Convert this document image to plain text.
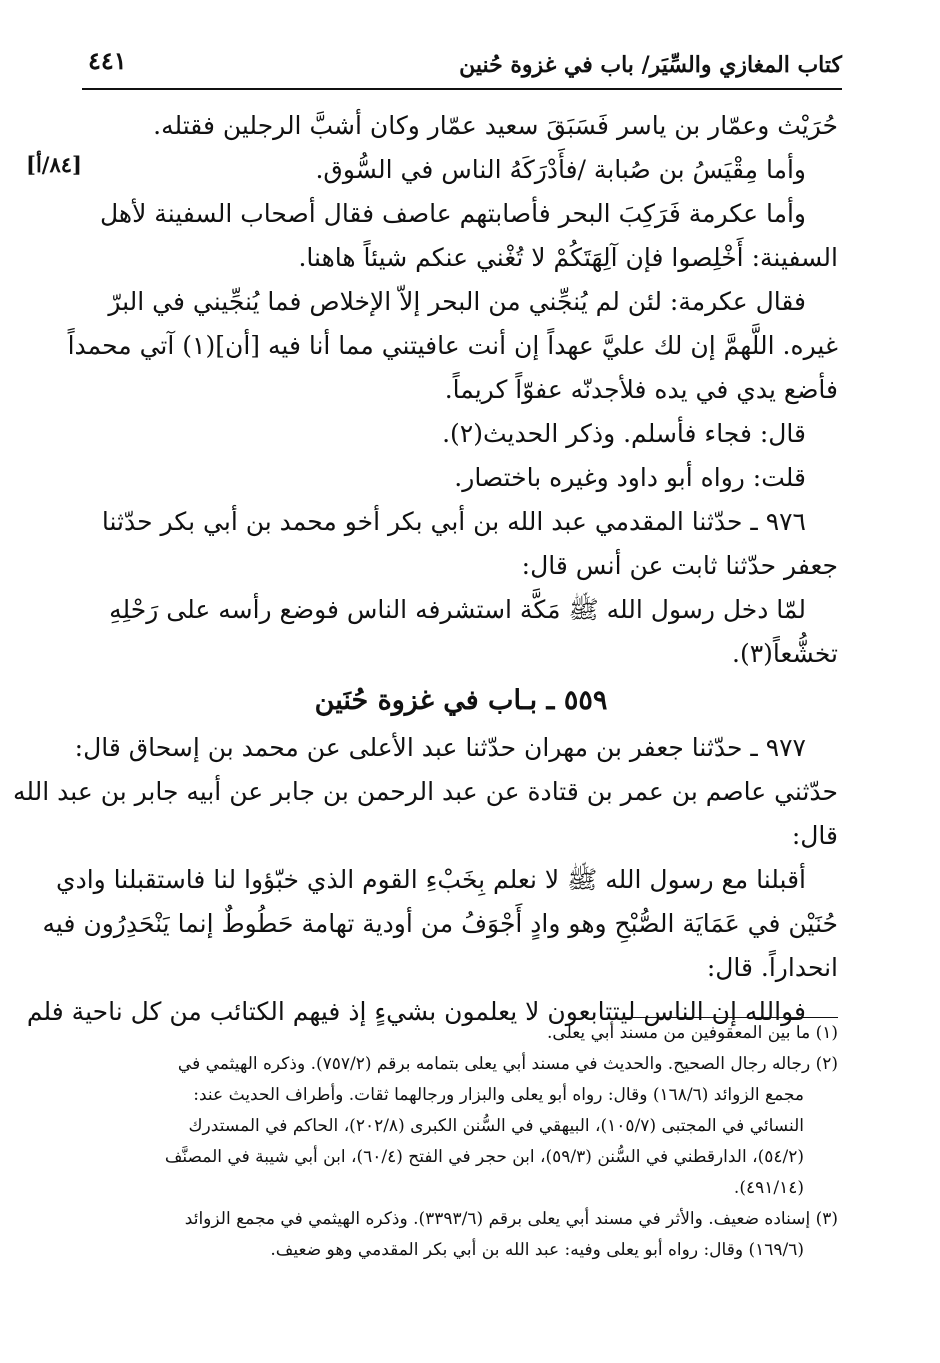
كتاب المغازي والسِّيَر/ باب في غزوة حُنين
٤٤١
[٨٤/أ]
حُرَيْث وعمّار بن ياسر فَسَبَقَ سعيد عمّار وكان أشبَّ الرجلين فقتله.
وأما مِقْيَسُ بن صُبابة /فأَدْرَكَهُ الناس في السُّوق.
وأما عكرمة فَرَكِبَ البحر فأصابتهم عاصف فقال أصحاب السفينة لأهل
السفينة: أَخْلِصوا فإن آلِهَتَكُمْ لا تُغْني عنكم شيئاً هاهنا.
فقال عكرمة: لئن لم يُنجِّني من البحر إلاّ الإخلاص فما يُنجِّيني في البرّ
غيره. اللَّهمَّ إن لك عليَّ عهداً إن أنت عافيتني مما أنا فيه [أن](١) آتي محمداً
فأضع يدي في يده فلأجدنّه عفوّاً كريماً.
قال: فجاء فأسلم. وذكر الحديث(٢).
قلت: رواه أبو داود وغيره باختصار.
٩٧٦ ـ حدّثنا المقدمي عبد الله بن أبي بكر أخو محمد بن أبي بكر حدّثنا
جعفر حدّثنا ثابت عن أنس قال:
لمّا دخل رسول الله ﷺ مَكَّة استشرفه الناس فوضع رأسه على رَحْلِهِ
تخشُّعاً(٣).
٥٥٩ ـ بـاب في غزوة حُنَين
٩٧٧ ـ حدّثنا جعفر بن مهران حدّثنا عبد الأعلى عن محمد بن إسحاق قال:
حدّثني عاصم بن عمر بن قتادة عن عبد الرحمن بن جابر عن أبيه جابر بن عبد الله
قال:
أقبلنا مع رسول الله ﷺ لا نعلم بِخَبْءِ القوم الذي خبّؤوا لنا فاستقبلنا وادي
حُنَيْن في عَمَايَة الصُّبْحِ وهو وادٍ أَجْوَفُ من أودية تهامة حَطُوطٌ إنما يَنْحَدِرُون فيه
انحداراً. قال:
فوالله إن الناس ليتتابعون لا يعلمون بشيءٍ إذ فيهم الكتائب من كل ناحية فلم
(١) ما بين المعقوفين من مسند أبي يعلى.
(٢) رجاله رجال الصحيح. والحديث في مسند أبي يعلى بتمامه برقم (٧٥٧/٢). وذكره الهيثمي في
مجمع الزوائد (١٦٨/٦) وقال: رواه أبو يعلى والبزار ورجالهما ثقات. وأطراف الحديث عند:
النسائي في المجتبى (١٠٥/٧)، البيهقي في السُّنن الكبرى (٢٠٢/٨)، الحاكم في المستدرك
(٥٤/٢)، الدارقطني في السُّنن (٥٩/٣)، ابن حجر في الفتح (٦٠/٤)، ابن أبي شيبة في المصنَّف
(٤٩١/١٤).
(٣) إسناده ضعيف. والأثر في مسند أبي يعلى برقم (٣٣٩٣/٦). وذكره الهيثمي في مجمع الزوائد
(١٦٩/٦) وقال: رواه أبو يعلى وفيه: عبد الله بن أبي بكر المقدمي وهو ضعيف.
